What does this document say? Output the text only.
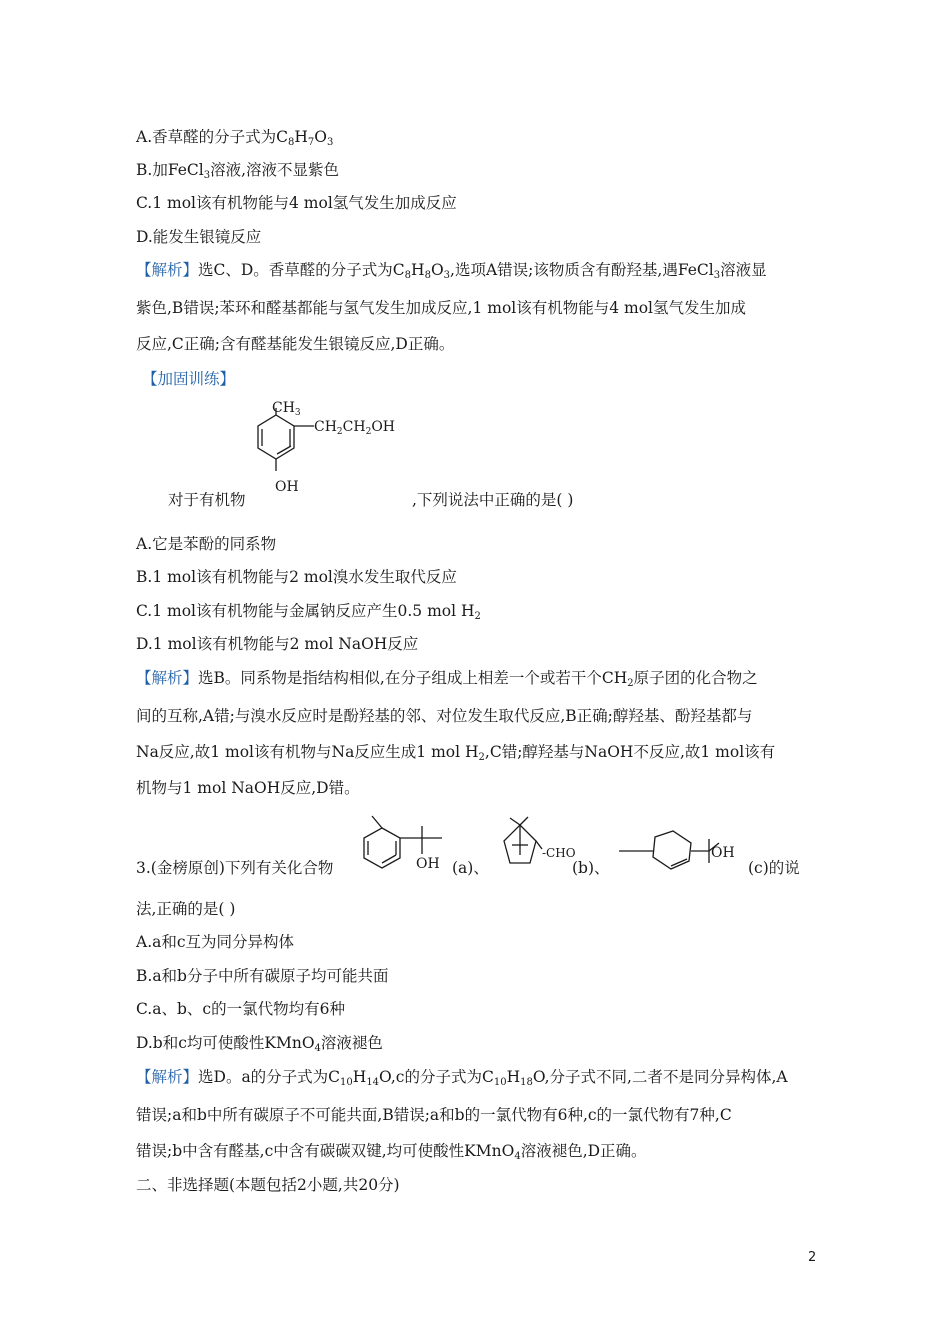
A.香草醛的分子式为$C_8H_7O_3$
B.加FeCl$_3$溶液,溶液不显紫色
C.1 mol该有机物能与4 mol氢气发生加成反应
D.能发生银镜反应
【解析】选C、D。香草醛的分子式为$C_8H_8O_3$,选项A错误;该物质含有酚羟基,遇FeCl$_3$溶液显
紫色,B错误;苯环和醛基都能与氢气发生加成反应,1 mol该有机物能与4 mol氢气发生加成
反应,C正确;含有醛基能发生银镜反应,D正确。
【加固训练】
$CH_3$
$CH_2CH_2OH$
OH
对于有机物	,下列说法中正确的是( )
A.它是苯酚的同系物
B.1 mol该有机物能与2 mol溴水发生取代反应
C.1 mol该有机物能与金属钠反应产生0.5 mol $H_2$
D.1 mol该有机物能与2 mol NaOH反应
【解析】选B。同系物是指结构相似,在分子组成上相差一个或若干个$CH_2$原子团的化合物之
间的互称,A错;与溴水反应时是酚羟基的邻、对位发生取代反应,B正确;醇羟基、酚羟基都与
Na反应,故1 mol该有机物与Na反应生成1 mol $H_2,C$错;醇羟基与NaOH不反应,故1 mol该有
机物与1 mol NaOH反应,D错。
3.(金榜原创)下列有关化合物	OH (a)、
-CHO
(b)、
OH
(c)的说
法,正确的是( )
A.a和c互为同分异构体
B.a和b分子中所有碳原子均可能共面
C.a、b、c的一氯代物均有6种
D.b和c均可使酸性KMnO$_4$溶液褪色
【解析】选D。a的分子式为$C_{10}H_{14}O,c$的分子式为$C_{10}H_{18}O$,分子式不同,二者不是同分异构体,A
错误;a和b中所有碳原子不可能共面,B错误;a和b的一氯代物有6种,c的一氯代物有7种,C
错误;b中含有醛基,c中含有碳碳双键,均可使酸性KMnO$_4$溶液褪色,D正确。
二、非选择题(本题包括2小题,共20分)
2
